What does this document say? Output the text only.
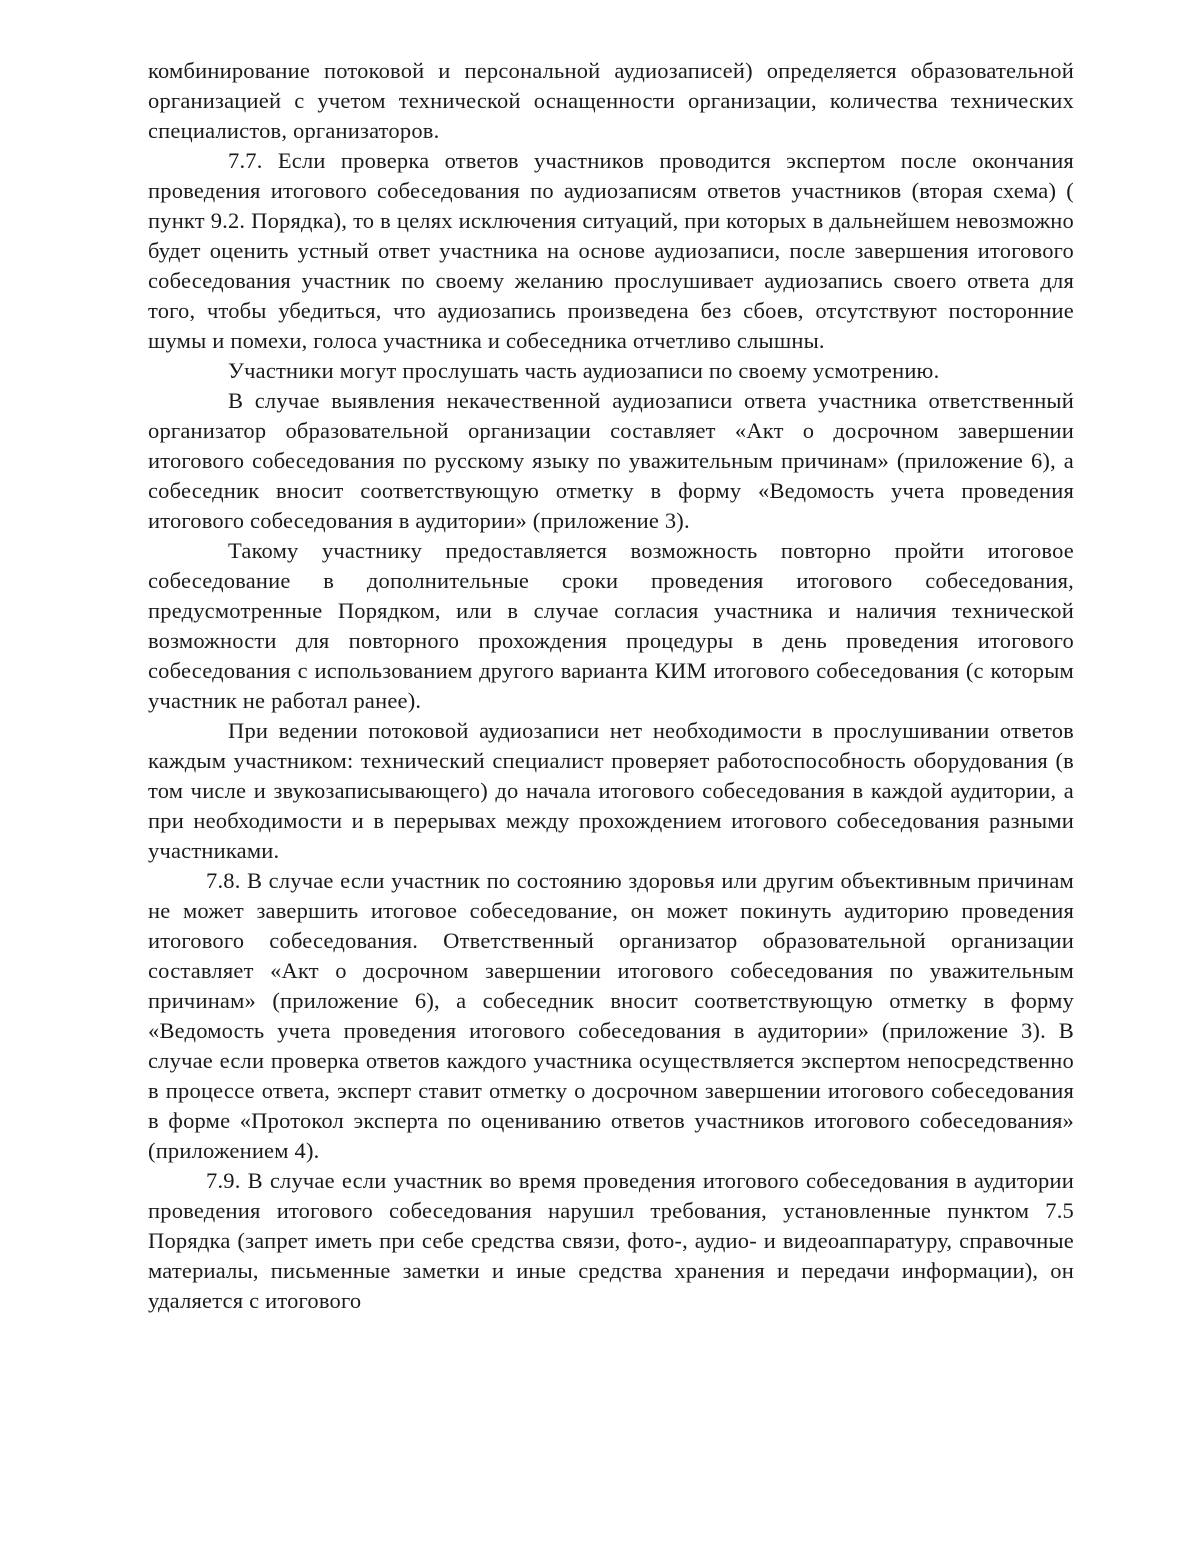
комбинирование потоковой и персональной аудиозаписей) определяется образовательной организацией с учетом технической оснащенности организации, количества технических специалистов, организаторов.

7.7. Если проверка ответов участников проводится экспертом после окончания проведения итогового собеседования по аудиозаписям ответов участников (вторая схема) ( пункт 9.2. Порядка), то в целях исключения ситуаций, при которых в дальнейшем невозможно будет оценить устный ответ участника на основе аудиозаписи, после завершения итогового собеседования участник по своему желанию прослушивает аудиозапись своего ответа для того, чтобы убедиться, что аудиозапись произведена без сбоев, отсутствуют посторонние шумы и помехи, голоса участника и собеседника отчетливо слышны.

Участники могут прослушать часть аудиозаписи по своему усмотрению.

В случае выявления некачественной аудиозаписи ответа участника ответственный организатор образовательной организации составляет «Акт о досрочном завершении итогового собеседования по русскому языку по уважительным причинам» (приложение 6), а собеседник вносит соответствующую отметку в форму «Ведомость учета проведения итогового собеседования в аудитории» (приложение 3).

Такому участнику предоставляется возможность повторно пройти итоговое собеседование в дополнительные сроки проведения итогового собеседования, предусмотренные Порядком, или в случае согласия участника и наличия технической возможности для повторного прохождения процедуры в день проведения итогового собеседования с использованием другого варианта КИМ итогового собеседования (с которым участник не работал ранее).

При ведении потоковой аудиозаписи нет необходимости в прослушивании ответов каждым участником: технический специалист проверяет работоспособность оборудования (в том числе и звукозаписывающего) до начала итогового собеседования в каждой аудитории, а при необходимости и в перерывах между прохождением итогового собеседования разными участниками.

7.8. В случае если участник по состоянию здоровья или другим объективным причинам не может завершить итоговое собеседование, он может покинуть аудиторию проведения итогового собеседования. Ответственный организатор образовательной организации составляет «Акт о досрочном завершении итогового собеседования по уважительным причинам» (приложение 6), а собеседник вносит соответствующую отметку в форму «Ведомость учета проведения итогового собеседования в аудитории» (приложение 3). В случае если проверка ответов каждого участника осуществляется экспертом непосредственно в процессе ответа, эксперт ставит отметку о досрочном завершении итогового собеседования в форме «Протокол эксперта по оцениванию ответов участников итогового собеседования» (приложением 4).

7.9. В случае если участник во время проведения итогового собеседования в аудитории проведения итогового собеседования нарушил требования, установленные пунктом 7.5 Порядка (запрет иметь при себе средства связи, фото-, аудио- и видеоаппаратуру, справочные материалы, письменные заметки и иные средства хранения и передачи информации), он удаляется с итогового
